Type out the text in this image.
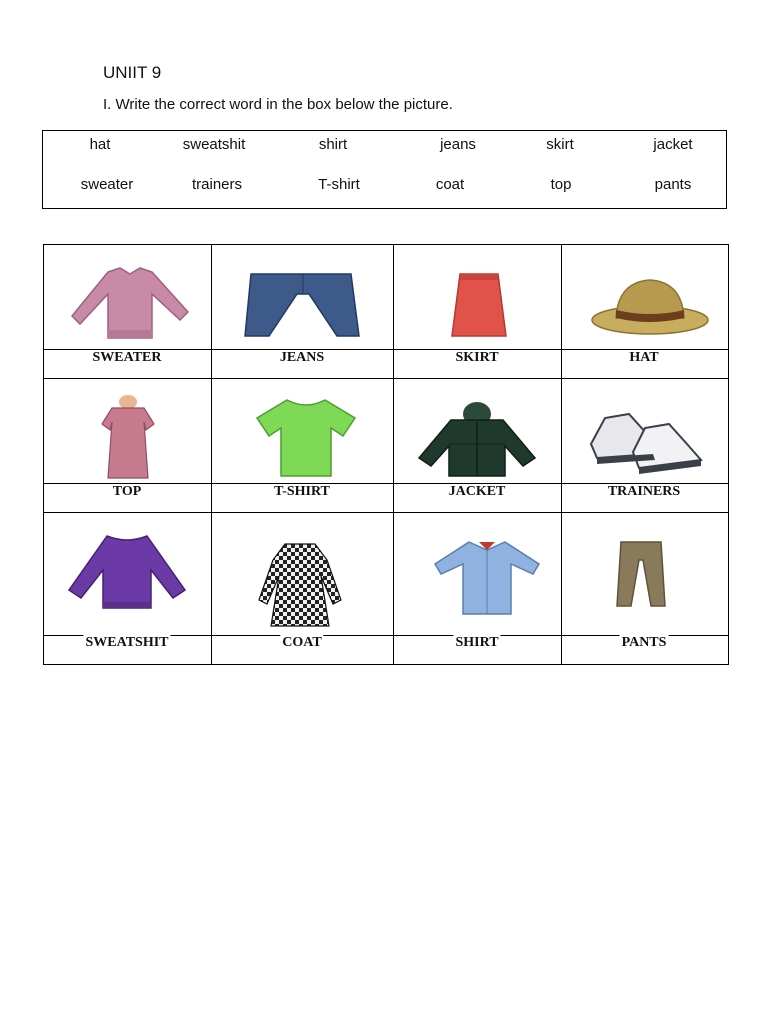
UNIIT 9
I. Write the correct word in the box below the picture.
hat	sweatshit	shirt	jeans	skirt	jacket
sweater	trainers	T-shirt	coat	top	pants
SWEATER	JEANS	SKIRT	HAT
TOP	T-SHIRT	JACKET	TRAINERS
SWEATSHIT	COAT	SHIRT	PANTS
